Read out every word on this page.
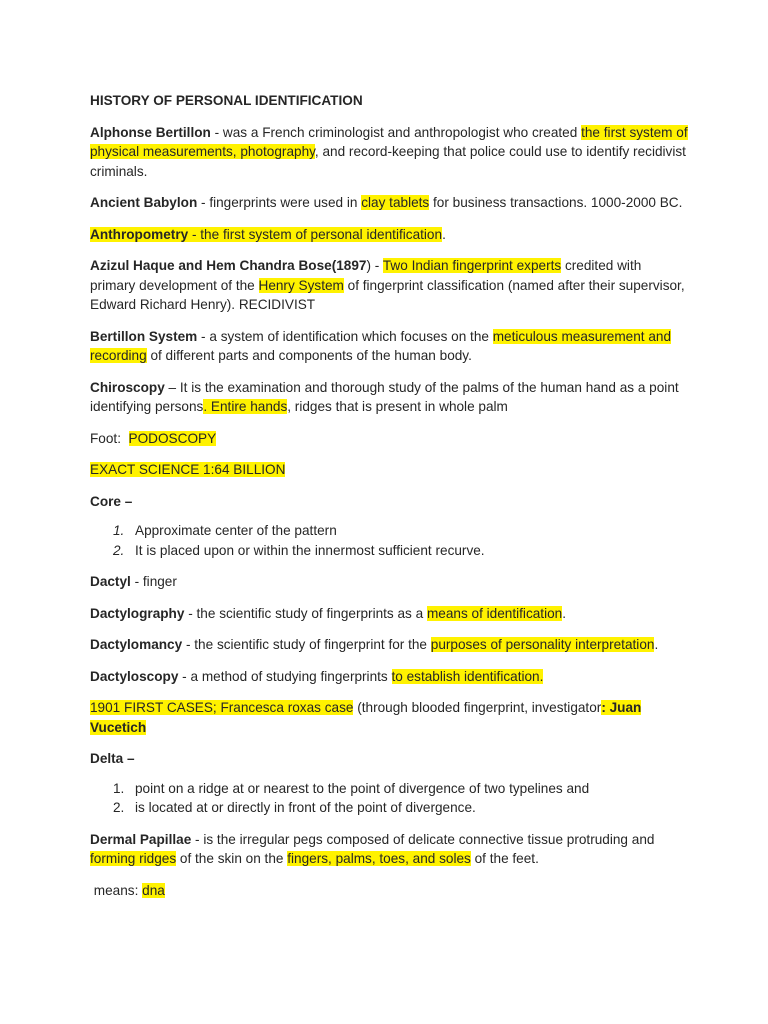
HISTORY OF PERSONAL IDENTIFICATION

Alphonse Bertillon - was a French criminologist and anthropologist who created the first system of physical measurements, photography, and record-keeping that police could use to identify recidivist criminals.

Ancient Babylon - fingerprints were used in clay tablets for business transactions. 1000-2000 BC.

Anthropometry - the first system of personal identification.

Azizul Haque and Hem Chandra Bose(1897) - Two Indian fingerprint experts credited with primary development of the Henry System of fingerprint classification (named after their supervisor, Edward Richard Henry). RECIDIVIST

Bertillon System - a system of identification which focuses on the meticulous measurement and recording of different parts and components of the human body.

Chiroscopy – It is the examination and thorough study of the palms of the human hand as a point identifying persons. Entire hands, ridges that is present in whole palm

Foot:  PODOSCOPY

EXACT SCIENCE 1:64 BILLION

Core –

1. Approximate center of the pattern
2. It is placed upon or within the innermost sufficient recurve.

Dactyl - finger

Dactylography - the scientific study of fingerprints as a means of identification.

Dactylomancy - the scientific study of fingerprint for the purposes of personality interpretation.

Dactyloscopy - a method of studying fingerprints to establish identification.

1901 FIRST CASES; Francesca roxas case (through blooded fingerprint, investigator: Juan Vucetich

Delta –

1. point on a ridge at or nearest to the point of divergence of two typelines and
2. is located at or directly in front of the point of divergence.

Dermal Papillae - is the irregular pegs composed of delicate connective tissue protruding and forming ridges of the skin on the fingers, palms, toes, and soles of the feet.

means: dna
